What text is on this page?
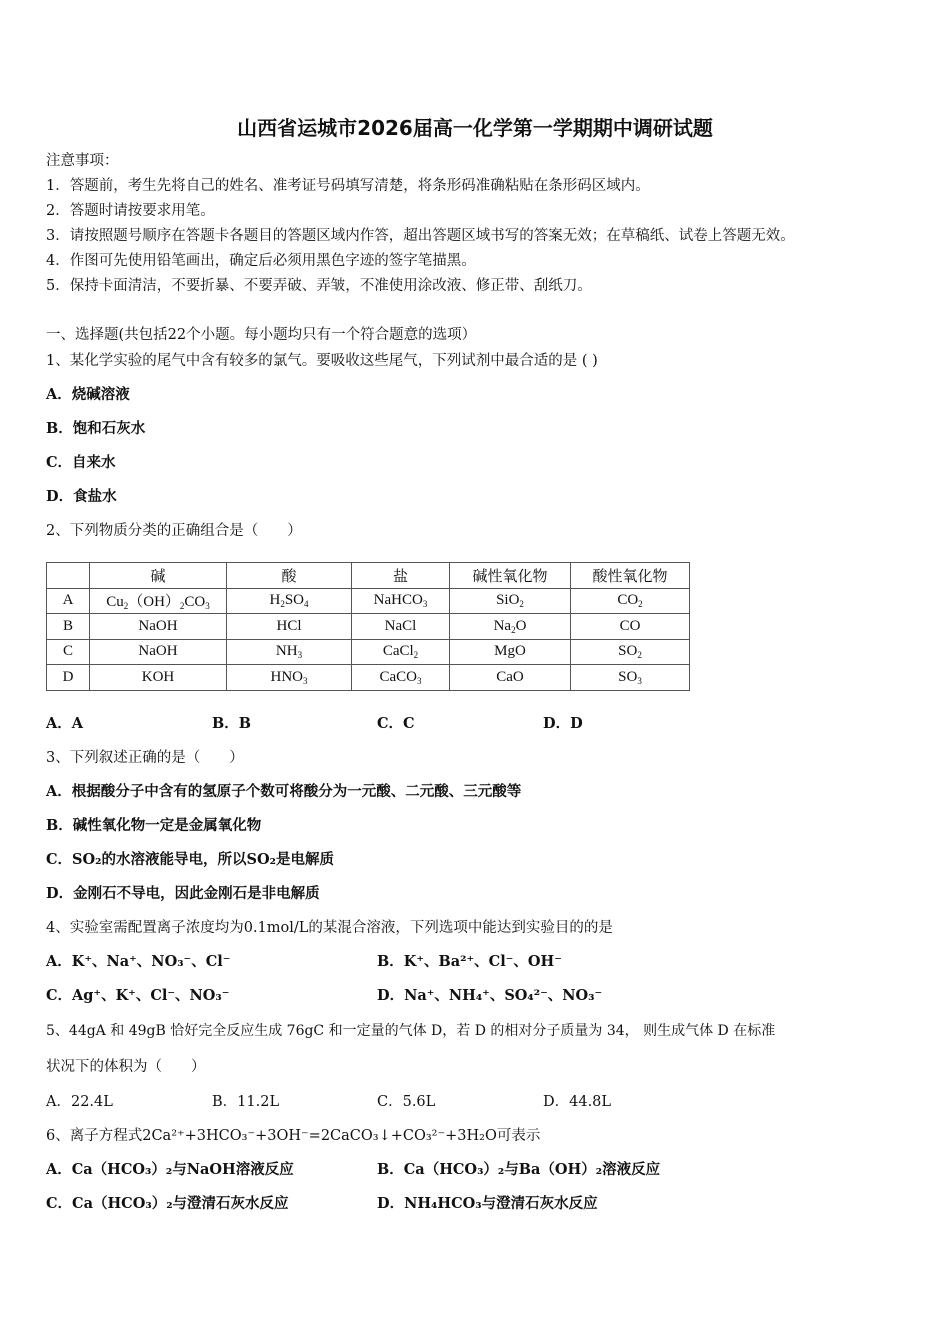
山西省运城市2026届高一化学第一学期期中调研试题
注意事项：
1．答题前，考生先将自己的姓名、准考证号码填写清楚，将条形码准确粘贴在条形码区域内。
2．答题时请按要求用笔。
3．请按照题号顺序在答题卡各题目的答题区域内作答，超出答题区域书写的答案无效；在草稿纸、试卷上答题无效。
4．作图可先使用铅笔画出，确定后必须用黑色字迹的签字笔描黑。
5．保持卡面清洁，不要折暴、不要弄破、弄皱，不准使用涂改液、修正带、刮纸刀。
一、选择题(共包括22个小题。每小题均只有一个符合题意的选项）
1、某化学实验的尾气中含有较多的氯气。要吸收这些尾气，下列试剂中最合适的是 ( )
A．烧碱溶液
B．饱和石灰水
C．自来水
D．食盐水
2、下列物质分类的正确组合是（　　）
	碱	酸	盐	碱性氧化物	酸性氧化物
A	$Cu_2(OH)_2CO_3$	$H_2SO_4$	NaHCO$_3$	SiO$_2$	$CO_2$
B	NaOH	HCl	NaCl	$Na_2O$	CO
C	NaOH	$NH_3$	CaCl$_2$	MgO	$SO_2$
D	KOH	$HNO_3$	CaCO$_3$	CaO	$SO_3$
A．A	B．B	C．C	D．D
3、下列叙述正确的是（　　）
A．根据酸分子中含有的氢原子个数可将酸分为一元酸、二元酸、三元酸等
B．碱性氧化物一定是金属氧化物
C．SO₂的水溶液能导电，所以SO₂是电解质
D．金刚石不导电，因此金刚石是非电解质
4、实验室需配置离子浓度均为0.1mol/L的某混合溶液，下列选项中能达到实验目的的是
A．K⁺、Na⁺、NO₃⁻、Cl⁻	B．K⁺、Ba²⁺、Cl⁻、OH⁻
C．Ag⁺、K⁺、Cl⁻、NO₃⁻	D．Na⁺、NH₄⁺、SO₄²⁻、NO₃⁻
5、44gA 和 49gB 恰好完全反应生成 76gC 和一定量的气体 D，若 D 的相对分子质量为 34， 则生成气体 D 在标准
状况下的体积为（　　）
A．22.4L	B．11.2L	C．5.6L	D．44.8L
6、离子方程式2Ca²⁺+3HCO₃⁻+3OH⁻=2CaCO₃↓+CO₃²⁻+3H₂O可表示
A．Ca（HCO₃）₂与NaOH溶液反应	B．Ca（HCO₃）₂与Ba（OH）₂溶液反应
C．Ca（HCO₃）₂与澄清石灰水反应	D．NH₄HCO₃与澄清石灰水反应
